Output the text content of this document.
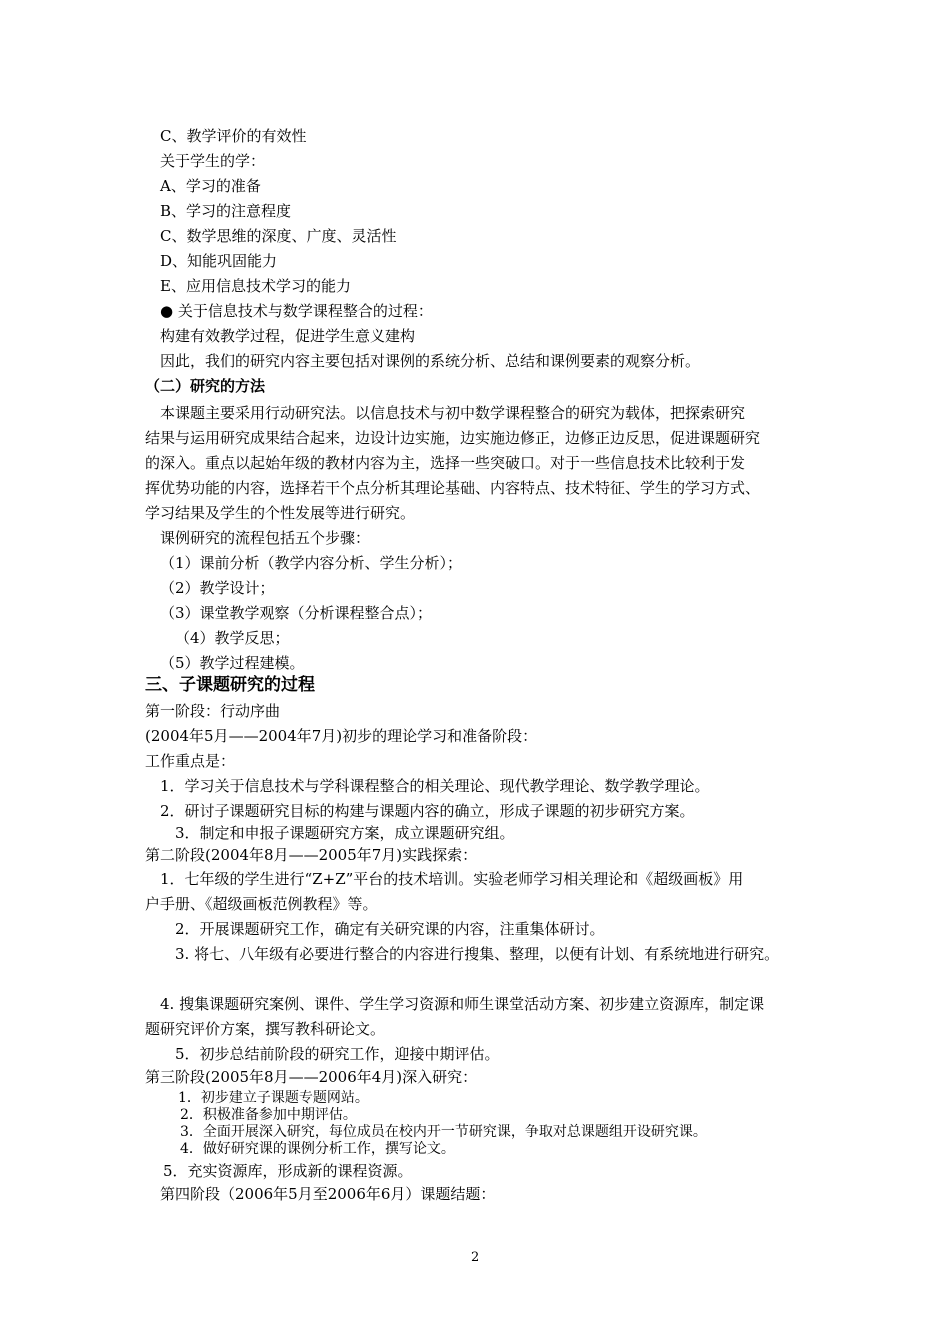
C、教学评价的有效性
关于学生的学：
A、学习的准备
B、学习的注意程度
C、数学思维的深度、广度、灵活性
D、知能巩固能力
E、应用信息技术学习的能力
● 关于信息技术与数学课程整合的过程：
构建有效教学过程，促进学生意义建构
因此，我们的研究内容主要包括对课例的系统分析、总结和课例要素的观察分析。
（二）研究的方法
本课题主要采用行动研究法。以信息技术与初中数学课程整合的研究为载体，把探索研究
结果与运用研究成果结合起来，边设计边实施，边实施边修正，边修正边反思，促进课题研究
的深入。重点以起始年级的教材内容为主，选择一些突破口。对于一些信息技术比较利于发
挥优势功能的内容，选择若干个点分析其理论基础、内容特点、技术特征、学生的学习方式、
学习结果及学生的个性发展等进行研究。
课例研究的流程包括五个步骤：
（1）课前分析（教学内容分析、学生分析）；
（2）教学设计；
（3）课堂教学观察（分析课程整合点）；
（4）教学反思；
（5）教学过程建模。
三、子课题研究的过程
第一阶段：行动序曲
(2004年5月——2004年7月)初步的理论学习和准备阶段：
工作重点是：
1．学习关于信息技术与学科课程整合的相关理论、现代教学理论、数学教学理论。
2．研讨子课题研究目标的构建与课题内容的确立，形成子课题的初步研究方案。
3．制定和申报子课题研究方案，成立课题研究组。
第二阶段(2004年8月——2005年7月)实践探索：
1．七年级的学生进行“Z+Z”平台的技术培训。实验老师学习相关理论和《超级画板》用
户手册、《超级画板范例教程》等。
2．开展课题研究工作，确定有关研究课的内容，注重集体研讨。
3. 将七、八年级有必要进行整合的内容进行搜集、整理，以便有计划、有系统地进行研究。
4. 搜集课题研究案例、课件、学生学习资源和师生课堂活动方案、初步建立资源库，制定课
题研究评价方案，撰写教科研论文。
5．初步总结前阶段的研究工作，迎接中期评估。
第三阶段(2005年8月——2006年4月)深入研究：
1．初步建立子课题专题网站。
2．积极准备参加中期评估。
3．全面开展深入研究，每位成员在校内开一节研究课，争取对总课题组开设研究课。
4．做好研究课的课例分析工作，撰写论文。
5．充实资源库，形成新的课程资源。
第四阶段（2006年5月至2006年6月）课题结题：
2
